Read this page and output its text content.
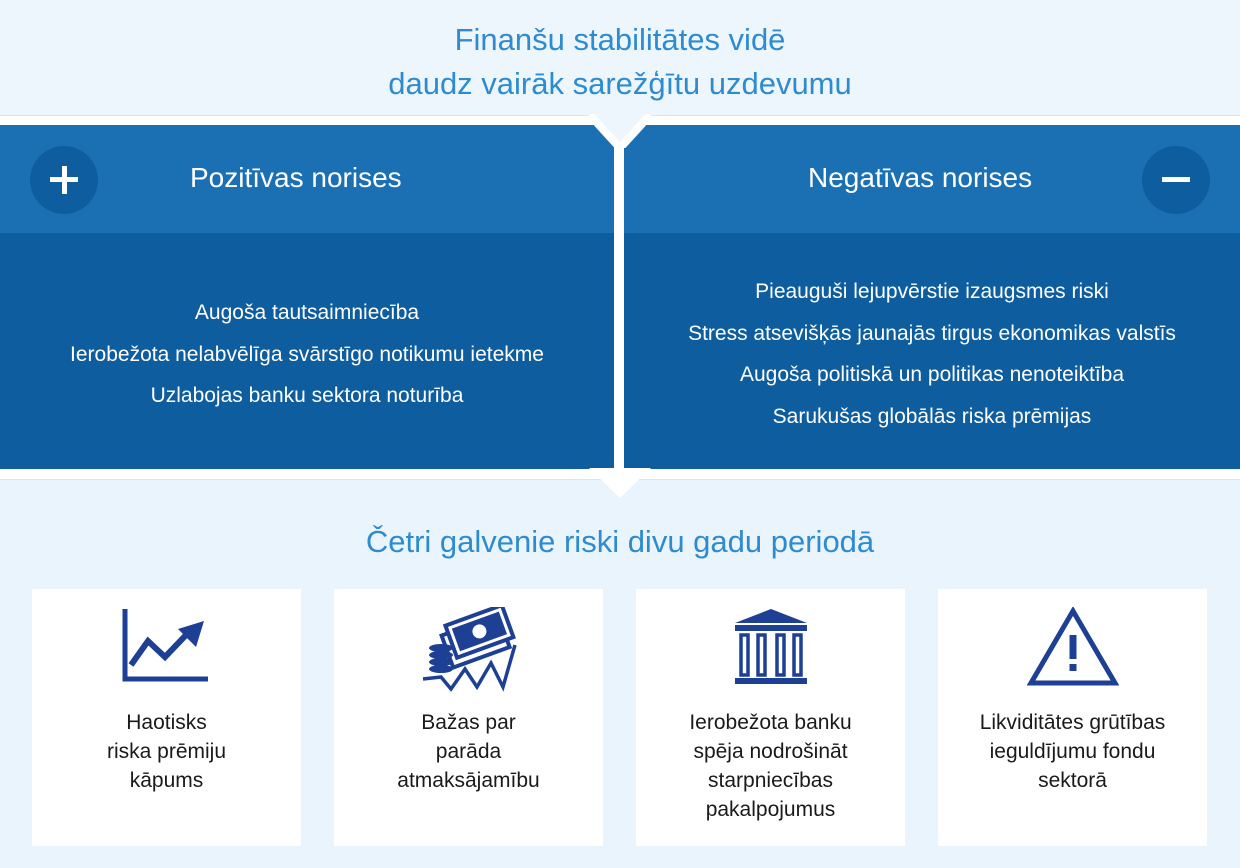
Finanšu stabilitātes vidē
daudz vairāk sarežģītu uzdevumu
Pozitīvas norises
Augoša tautsaimniecība
Ierobežota nelabvēlīga svārstīgo notikumu ietekme
Uzlabojas banku sektora noturība
Negatīvas norises
Pieauguši lejupvērstie izaugsmes riski
Stress atsevišķās jaunajās tirgus ekonomikas valstīs
Augoša politiskā un politikas nenoteiktība
Sarukušas globālās riska prēmijas
Četri galvenie riski divu gadu periodā
Haotisks
riska prēmiju
kāpums
Bažas par
parāda
atmaksājamību
Ierobežota banku
spēja nodrošināt
starpniecības
pakalpojumus
Likviditātes grūtības
ieguldījumu fondu
sektorā
